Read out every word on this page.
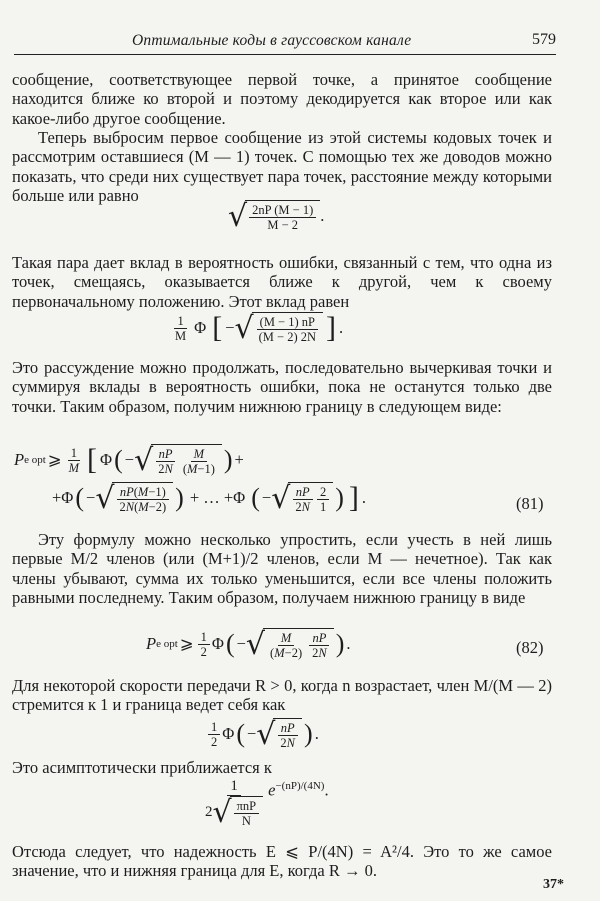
Оптимальные коды в гауссовском канале	579
сообщение, соответствующее первой точке, а принятое сообщение находится ближе ко второй и поэтому декодируется как второе или как какое-либо другое сообщение.
Теперь выбросим первое сообщение из этой системы кодовых точек и рассмотрим оставшиеся (M — 1) точек. С помощью тех же доводов можно показать, что среди них существует пара точек, расстояние между которыми больше или равно
√ $\frac{2nP (M - 1)}{M - 2}$ .
Такая пара дает вклад в вероятность ошибки, связанный с тем, что одна из точек, смещаясь, оказывается ближе к другой, чем к своему первоначальному положению. Этот вклад равен
$\frac{1}{M}$ Φ [ − √ $\frac{(M - 1) nP}{(M - 2) 2N}$ ] .
Это рассуждение можно продолжать, последовательно вычеркивая точки и суммируя вклады в вероятность ошибки, пока не останутся только две точки. Таким образом, получим нижнюю границу в следующем виде:
P e opt ⩾ $\frac{1}{M}$ [ Φ ( − √ $\frac{nP}{2N} \frac{M}{(M-1)}$ ) +
+Φ ( − √ $\frac{nP(M-1)}{2N(M-2)}$ ) + … +Φ ( − √ $\frac{nP}{2N} \frac{2}{1}$ ) ] .	(81)
Эту формулу можно несколько упростить, если учесть в ней лишь первые M/2 членов (или (M+1)/2 членов, если M — нечетное). Так как члены убывают, сумма их только уменьшится, если все члены положить равными последнему. Таким образом, получаем нижнюю границу в виде
P e opt ⩾ $\frac{1}{2}$ Φ ( − √ $\frac{M}{(M-2)} \frac{nP}{2N}$ ) .	(82)
Для некоторой скорости передачи R > 0, когда n возрастает, член M/(M — 2) стремится к 1 и граница ведет себя как
$\frac{1}{2}$ Φ ( − √ $\frac{nP}{2N}$ ) .
Это асимптотически приближается к
$\frac{1}{2 √ \frac{\text{πnP}}{N}} e^{-(nP)/(4N)}$.
Отсюда следует, что надежность E ⩽ P/(4N) = A²/4. Это то же самое значение, что и нижняя граница для E, когда R → 0.
37*
